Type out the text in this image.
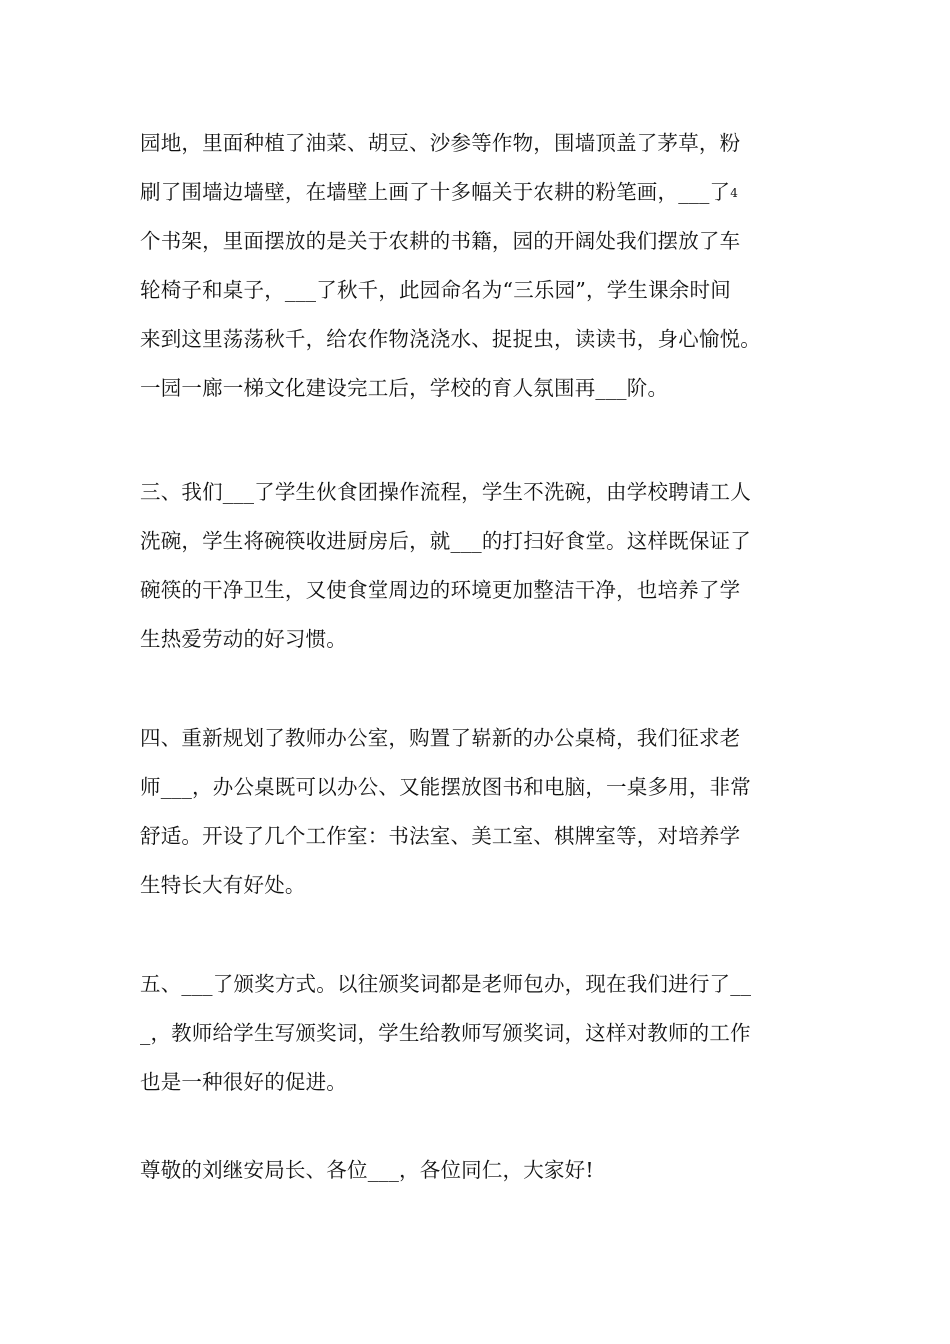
园地，里面种植了油菜、胡豆、沙参等作物，围墙顶盖了茅草，粉
刷了围墙边墙壁，在墙壁上画了十多幅关于农耕的粉笔画，___了4
个书架，里面摆放的是关于农耕的书籍，园的开阔处我们摆放了车
轮椅子和桌子，___了秋千，此园命名为“三乐园”，学生课余时间
来到这里荡荡秋千，给农作物浇浇水、捉捉虫，读读书，身心愉悦。
一园一廊一梯文化建设完工后，学校的育人氛围再___阶。
三、我们___了学生伙食团操作流程，学生不洗碗，由学校聘请工人
洗碗，学生将碗筷收进厨房后，就___的打扫好食堂。这样既保证了
碗筷的干净卫生，又使食堂周边的环境更加整洁干净，也培养了学
生热爱劳动的好习惯。
四、重新规划了教师办公室，购置了崭新的办公桌椅，我们征求老
师___，办公桌既可以办公、又能摆放图书和电脑，一桌多用，非常
舒适。开设了几个工作室：书法室、美工室、棋牌室等，对培养学
生特长大有好处。
五、___了颁奖方式。以往颁奖词都是老师包办，现在我们进行了__
_，教师给学生写颁奖词，学生给教师写颁奖词，这样对教师的工作
也是一种很好的促进。
尊敬的刘继安局长、各位___，各位同仁，大家好!
